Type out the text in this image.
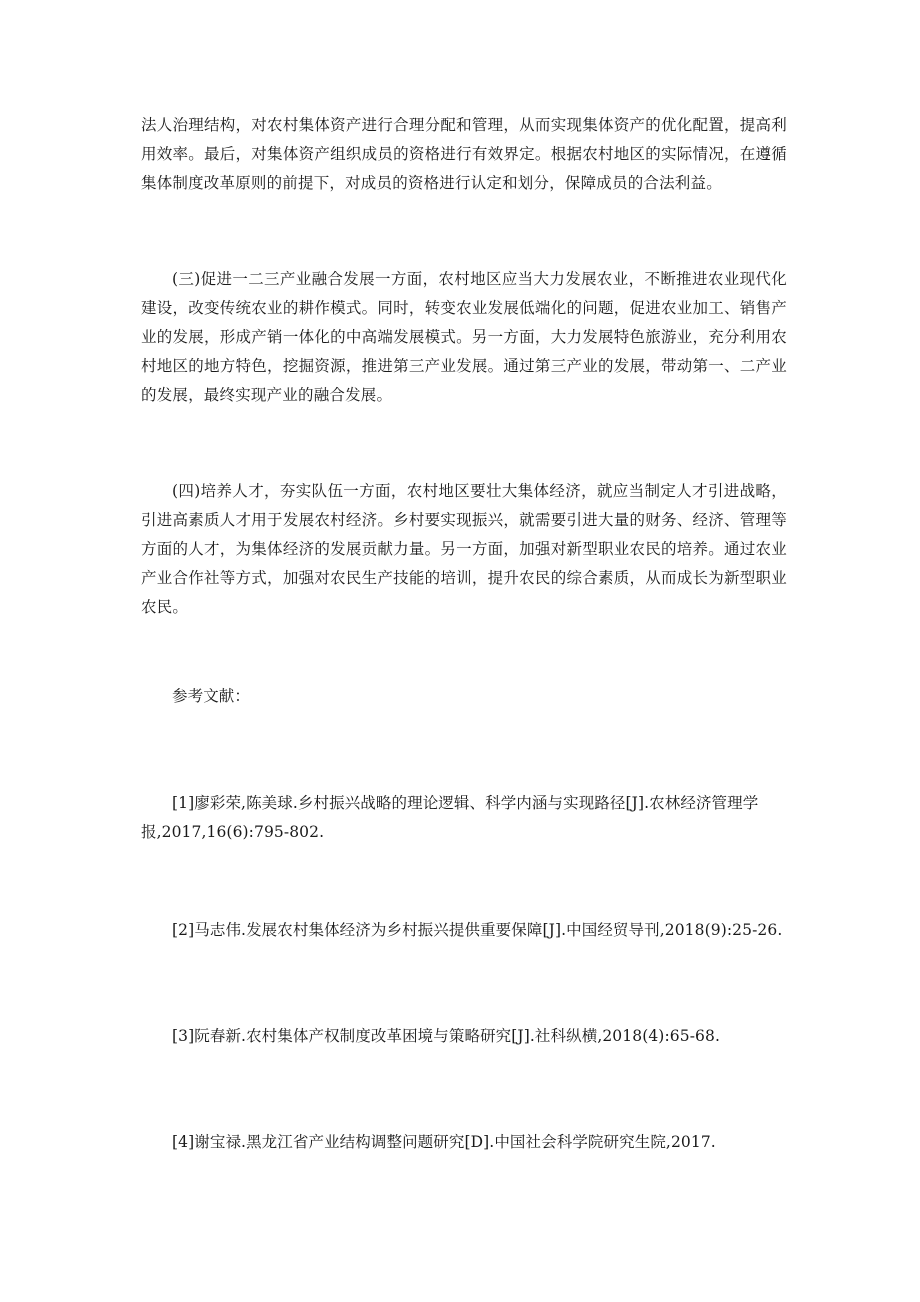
法人治理结构，对农村集体资产进行合理分配和管理，从而实现集体资产的优化配置，提高利用效率。最后，对集体资产组织成员的资格进行有效界定。根据农村地区的实际情况，在遵循集体制度改革原则的前提下，对成员的资格进行认定和划分，保障成员的合法利益。

(三)促进一二三产业融合发展一方面，农村地区应当大力发展农业，不断推进农业现代化建设，改变传统农业的耕作模式。同时，转变农业发展低端化的问题，促进农业加工、销售产业的发展，形成产销一体化的中高端发展模式。另一方面，大力发展特色旅游业，充分利用农村地区的地方特色，挖掘资源，推进第三产业发展。通过第三产业的发展，带动第一、二产业的发展，最终实现产业的融合发展。

(四)培养人才，夯实队伍一方面，农村地区要壮大集体经济，就应当制定人才引进战略，引进高素质人才用于发展农村经济。乡村要实现振兴，就需要引进大量的财务、经济、管理等方面的人才，为集体经济的发展贡献力量。另一方面，加强对新型职业农民的培养。通过农业产业合作社等方式，加强对农民生产技能的培训，提升农民的综合素质，从而成长为新型职业农民。

参考文献：

[1]廖彩荣,陈美球.乡村振兴战略的理论逻辑、科学内涵与实现路径[J].农林经济管理学报,2017,16(6):795-802.

[2]马志伟.发展农村集体经济为乡村振兴提供重要保障[J].中国经贸导刊,2018(9):25-26.

[3]阮春新.农村集体产权制度改革困境与策略研究[J].社科纵横,2018(4):65-68.

[4]谢宝禄.黑龙江省产业结构调整问题研究[D].中国社会科学院研究生院,2017.
